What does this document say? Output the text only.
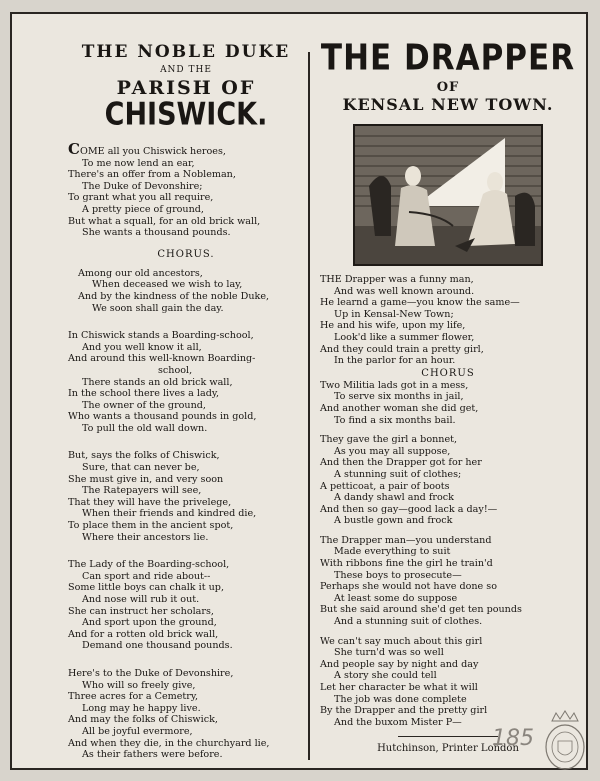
THE NOBLE DUKE
AND THE
PARISH OF
CHISWICK.
COME all you Chiswick heroes,
To me now lend an ear,
There's an offer from a Nobleman,
The Duke of Devonshire;
To grant what you all require,
A pretty piece of ground,
But what a squall, for an old brick wall,
She wants a thousand pounds.
CHORUS.
Among our old ancestors,
When deceased we wish to lay,
And by the kindness of the noble Duke,
We soon shall gain the day.
In Chiswick stands a Boarding-school,
And you well know it all,
And around this well-known Boarding-
school,
There stands an old brick wall,
In the school there lives a lady,
The owner of the ground,
Who wants a thousand pounds in gold,
To pull the old wall down.
But, says the folks of Chiswick,
Sure, that can never be,
She must give in, and very soon
The Ratepayers will see,
That they will have the privelege,
When their friends and kindred die,
To place them in the ancient spot,
Where their ancestors lie.
The Lady of the Boarding-school,
Can sport and ride about--
Some little boys can chalk it up,
And nose will rub it out.
She can instruct her scholars,
And sport upon the ground,
And for a rotten old brick wall,
Demand one thousand pounds.
Here's to the Duke of Devonshire,
Who will so freely give,
Three acres for a Cemetry,
Long may he happy live.
And may the folks of Chiswick,
All be joyful evermore,
And when they die, in the churchyard lie,
As their fathers were before.
THE DRAPPER
OF
KENSAL NEW TOWN.
THE Drapper was a funny man,
And was well known around.
He learnd a game—you know the same—
Up in Kensal-New Town;
He and his wife, upon my life,
Look'd like a summer flower,
And they could train a pretty girl,
In the parlor for an hour.
CHORUS
Two Militia lads got in a mess,
To serve six months in jail,
And another woman she did get,
To find a six months bail.
They gave the girl a bonnet,
As you may all suppose,
And then the Drapper got for her
A stunning suit of clothes;
A petticoat, a pair of boots
A dandy shawl and frock
And then so gay—good lack a day!—
A bustle gown and frock
The Drapper man—you understand
Made everything to suit
With ribbons fine the girl he train'd
These boys to prosecute—
Perhaps she would not have done so
At least some do suppose
But she said around she'd get ten pounds
And a stunning suit of clothes.
We can't say much about this girl
She turn'd was so well
And people say by night and day
A story she could tell
Let her character be what it will
The job was done complete
By the Drapper and the pretty girl
And the buxom Mister P—
Hutchinson, Printer London
185
